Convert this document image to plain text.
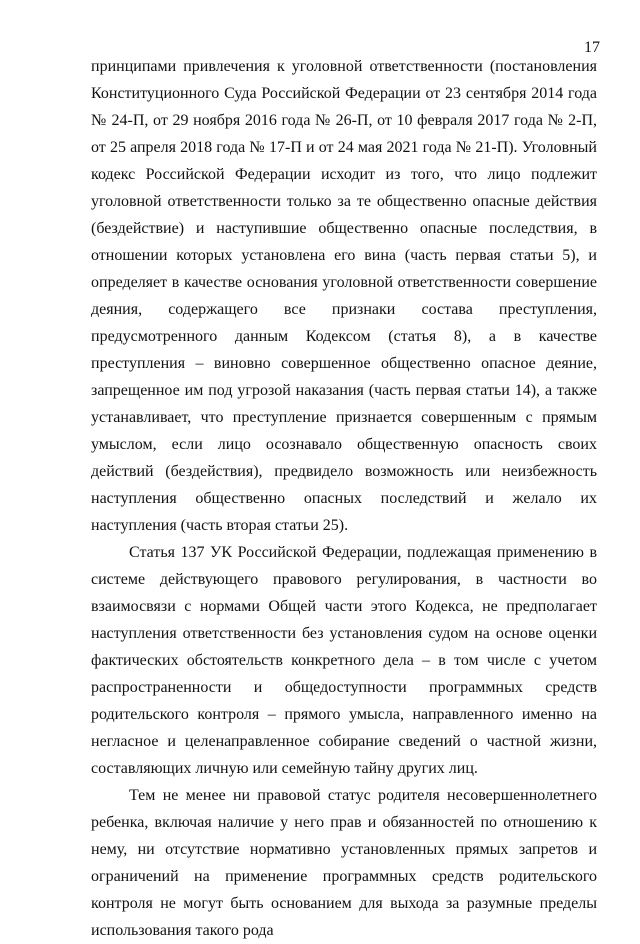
17

принципами привлечения к уголовной ответственности (постановления Конституционного Суда Российской Федерации от 23 сентября 2014 года № 24-П, от 29 ноября 2016 года № 26-П, от 10 февраля 2017 года № 2-П, от 25 апреля 2018 года № 17-П и от 24 мая 2021 года № 21-П). Уголовный кодекс Российской Федерации исходит из того, что лицо подлежит уголовной ответственности только за те общественно опасные действия (бездействие) и наступившие общественно опасные последствия, в отношении которых установлена его вина (часть первая статьи 5), и определяет в качестве основания уголовной ответственности совершение деяния, содержащего все признаки состава преступления, предусмотренного данным Кодексом (статья 8), а в качестве преступления – виновно совершенное общественно опасное деяние, запрещенное им под угрозой наказания (часть первая статьи 14), а также устанавливает, что преступление признается совершенным с прямым умыслом, если лицо осознавало общественную опасность своих действий (бездействия), предвидело возможность или неизбежность наступления общественно опасных последствий и желало их наступления (часть вторая статьи 25).

Статья 137 УК Российской Федерации, подлежащая применению в системе действующего правового регулирования, в частности во взаимосвязи с нормами Общей части этого Кодекса, не предполагает наступления ответственности без установления судом на основе оценки фактических обстоятельств конкретного дела – в том числе с учетом распространенности и общедоступности программных средств родительского контроля – прямого умысла, направленного именно на негласное и целенаправленное собирание сведений о частной жизни, составляющих личную или семейную тайну других лиц.

Тем не менее ни правовой статус родителя несовершеннолетнего ребенка, включая наличие у него прав и обязанностей по отношению к нему, ни отсутствие нормативно установленных прямых запретов и ограничений на применение программных средств родительского контроля не могут быть основанием для выхода за разумные пределы использования такого рода
